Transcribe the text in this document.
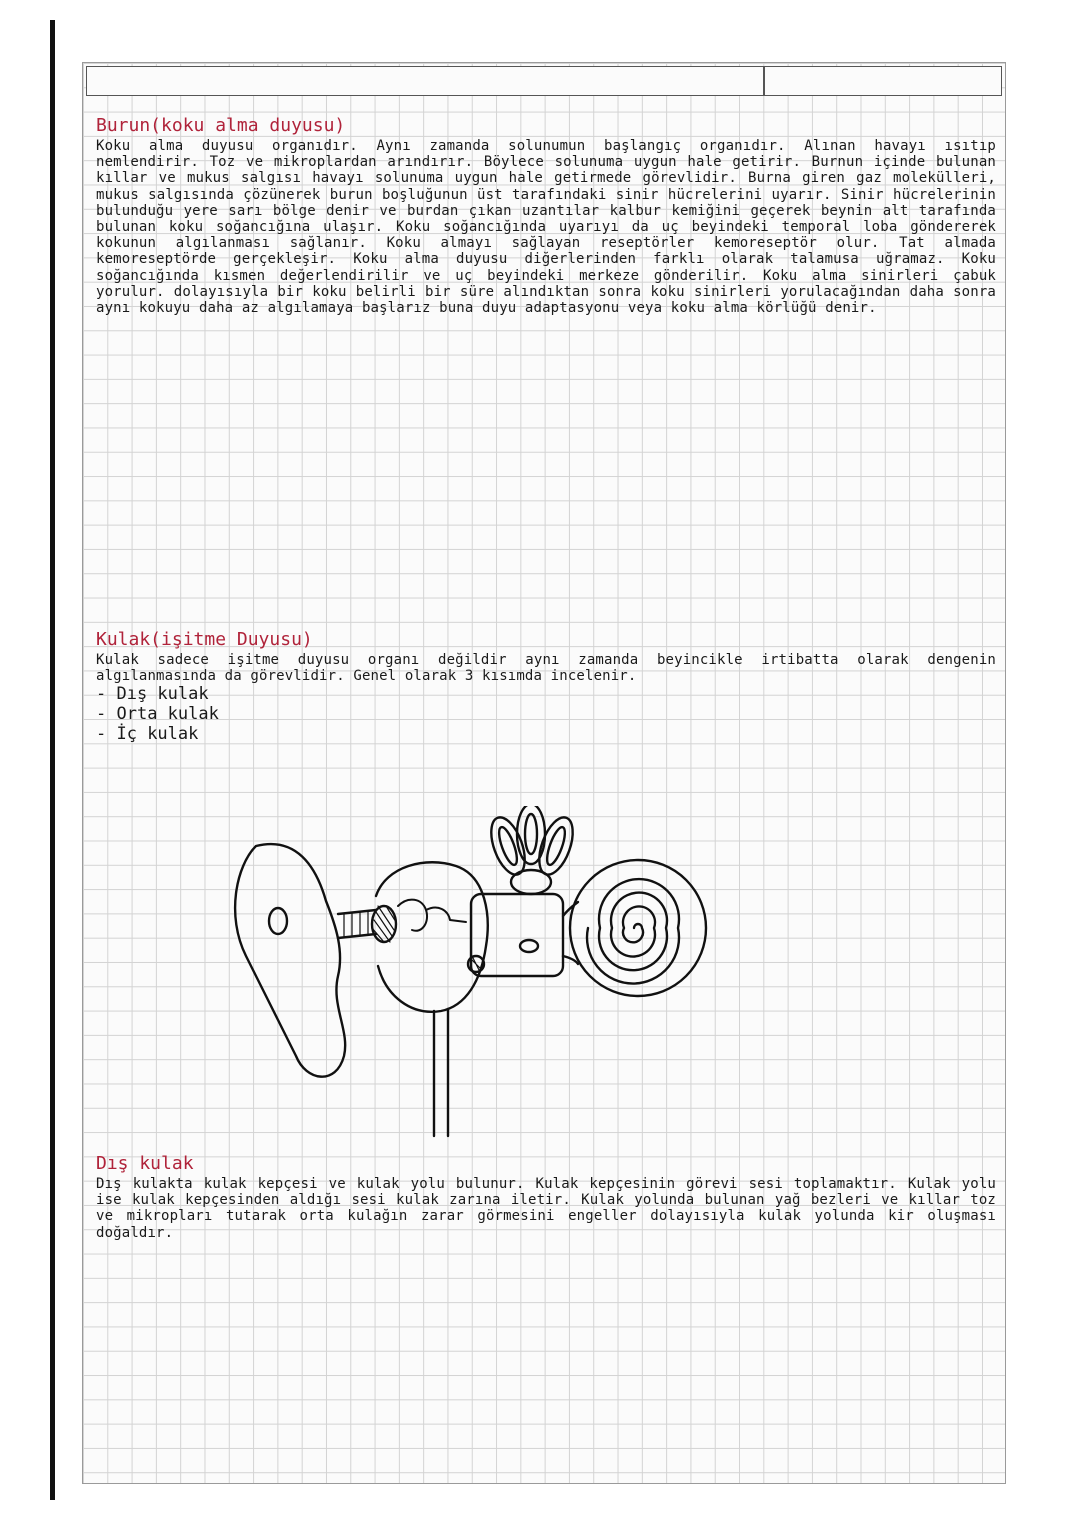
Burun(koku alma duyusu)

Koku alma duyusu organıdır. Aynı zamanda solunumun başlangıç organıdır. Alınan havayı ısıtıp nemlendirir. Toz ve mikroplardan arındırır. Böylece solunuma uygun hale getirir. Burnun içinde bulunan kıllar ve mukus salgısı havayı solunuma uygun hale getirmede görevlidir. Burna giren gaz molekülleri, mukus salgısında çözünerek burun boşluğunun üst tarafındaki sinir hücrelerini uyarır. Sinir hücrelerinin bulunduğu yere sarı bölge denir ve burdan çıkan uzantılar kalbur kemiğini geçerek beynin alt tarafında bulunan koku soğancığına ulaşır. Koku soğancığında uyarıyı da uç beyindeki temporal loba göndererek kokunun algılanması sağlanır. Koku almayı sağlayan reseptörler kemoreseptör olur. Tat almada kemoreseptörde gerçekleşir. Koku alma duyusu diğerlerinden farklı olarak talamusa uğramaz. Koku soğancığında kısmen değerlendirilir ve uç beyindeki merkeze gönderilir. Koku alma sinirleri çabuk yorulur. dolayısıyla bir koku belirli bir süre alındıktan sonra koku sinirleri yorulacağından daha sonra aynı kokuyu daha az algılamaya başlarız buna duyu adaptasyonu veya koku alma körlüğü denir.

Kulak(işitme Duyusu)

Kulak sadece işitme duyusu organı değildir aynı zamanda beyincikle irtibatta olarak dengenin algılanmasında da görevlidir. Genel olarak 3 kısımda incelenir.

- Dış kulak
- Orta kulak
- İç kulak
Dış kulak

Dış kulakta kulak kepçesi ve kulak yolu bulunur. Kulak kepçesinin görevi sesi toplamaktır. Kulak yolu ise kulak kepçesinden aldığı sesi kulak zarına iletir. Kulak yolunda bulunan yağ bezleri ve kıllar toz ve mikropları tutarak orta kulağın zarar görmesini engeller dolayısıyla kulak yolunda kir oluşması doğaldır.
